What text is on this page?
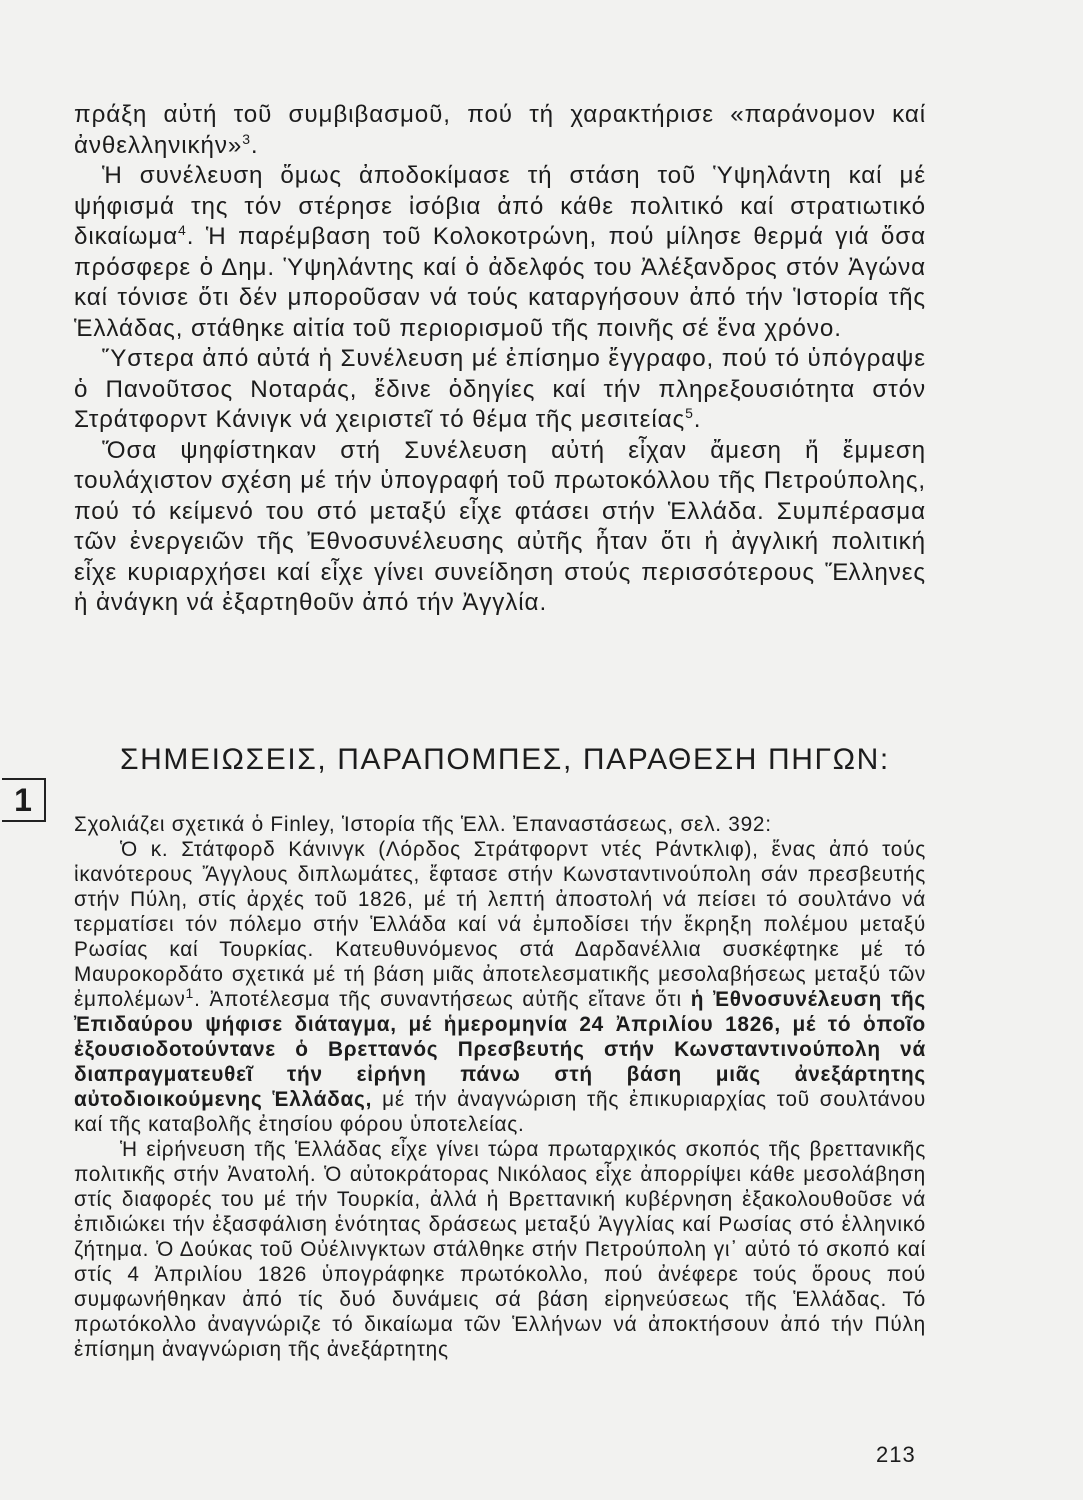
πράξη αὐτή τοῦ συμβιβασμοῦ, πού τή χαρακτήρισε «παράνομον καί ἀνθελληνικήν»$^3$.

Ἡ συνέλευση ὅμως ἀποδοκίμασε τή στάση τοῦ Ὑψηλάντη καί μέ ψήφισμά της τόν στέρησε ἰσόβια ἀπό κάθε πολιτικό καί στρατιωτικό δικαίωμα$^4$. Ἡ παρέμβαση τοῦ Κολοκοτρώνη, πού μίλησε θερμά γιά ὅσα πρόσφερε ὁ Δημ. Ὑψηλάντης καί ὁ ἀδελφός του Ἀλέξανδρος στόν Ἀγώνα καί τόνισε ὅτι δέν μποροῦσαν νά τούς καταργήσουν ἀπό τήν Ἱστορία τῆς Ἑλλάδας, στάθηκε αἰτία τοῦ περιορισμοῦ τῆς ποινῆς σέ ἕνα χρόνο.

Ὕστερα ἀπό αὐτά ἡ Συνέλευση μέ ἐπίσημο ἔγγραφο, πού τό ὑπόγραψε ὁ Πανοῦτσος Νοταράς, ἔδινε ὁδηγίες καί τήν πληρεξουσιότητα στόν Στράτφορντ Κάνιγκ νά χειριστεῖ τό θέμα τῆς μεσιτείας$^5$.

Ὅσα ψηφίστηκαν στή Συνέλευση αὐτή εἶχαν ἄμεση ἤ ἔμμεση τουλάχιστον σχέση μέ τήν ὑπογραφή τοῦ πρωτοκόλλου τῆς Πετρούπολης, πού τό κείμενό του στό μεταξύ εἶχε φτάσει στήν Ἑλλάδα. Συμπέρασμα τῶν ἐνεργειῶν τῆς Ἐθνοσυνέλευσης αὐτῆς ἦταν ὅτι ἡ ἀγγλική πολιτική εἶχε κυριαρχήσει καί εἶχε γίνει συνείδηση στούς περισσότερους Ἕλληνες ἡ ἀνάγκη νά ἐξαρτηθοῦν ἀπό τήν Ἀγγλία.

ΣΗΜΕΙΩΣΕΙΣ, ΠΑΡΑΠΟΜΠΕΣ, ΠΑΡΑΘΕΣΗ ΠΗΓΩΝ:
1

Σχολιάζει σχετικά ὁ Finley, Ἱστορία τῆς Ἑλλ. Ἐπαναστάσεως, σελ. 392:

Ὁ κ. Στάτφορδ Κάνινγκ (Λόρδος Στράτφορντ ντές Ράντκλιφ), ἕνας ἀπό τούς ἱκανότερους Ἄγγλους διπλωμάτες, ἔφτασε στήν Κωνσταντινούπολη σάν πρεσβευτής στήν Πύλη, στίς ἀρχές τοῦ 1826, μέ τή λεπτή ἀποστολή νά πείσει τό σουλτάνο νά τερματίσει τόν πόλεμο στήν Ἑλλάδα καί νά ἐμποδίσει τήν ἔκρηξη πολέμου μεταξύ Ρωσίας καί Τουρκίας. Κατευθυνόμενος στά Δαρδανέλλια συσκέφτηκε μέ τό Μαυροκορδάτο σχετικά μέ τή βάση μιᾶς ἀποτελεσματικῆς μεσολαβήσεως μεταξύ τῶν ἐμπολέμων$^1$. Ἀποτέλεσμα τῆς συναντήσεως αὐτῆς εἴτανε ὅτι ἡ Ἐθνοσυνέλευση τῆς Ἐπιδαύρου ψήφισε διάταγμα, μέ ἡμερομηνία 24 Ἀπριλίου 1826, μέ τό ὁποῖο ἐξουσιοδοτούντανε ὁ Βρεττανός Πρεσβευτής στήν Κωνσταντινούπολη νά διαπραγματευθεῖ τήν εἰρήνη πάνω στή βάση μιᾶς ἀνεξάρτητης αὐτοδιοικούμενης Ἑλλάδας, μέ τήν ἀναγνώριση τῆς ἐπικυριαρχίας τοῦ σουλτάνου καί τῆς καταβολῆς ἐτησίου φόρου ὑποτελείας.

Ἡ εἰρήνευση τῆς Ἑλλάδας εἶχε γίνει τώρα πρωταρχικός σκοπός τῆς βρεττανικῆς πολιτικῆς στήν Ἀνατολή. Ὁ αὐτοκράτορας Νικόλαος εἶχε ἀπορρίψει κάθε μεσολάβηση στίς διαφορές του μέ τήν Τουρκία, ἀλλά ἡ Βρεττανική κυβέρνηση ἐξακολουθοῦσε νά ἐπιδιώκει τήν ἐξασφάλιση ἑνότητας δράσεως μεταξύ Ἀγγλίας καί Ρωσίας στό ἑλληνικό ζήτημα. Ὁ Δούκας τοῦ Οὐέλινγκτων στάλθηκε στήν Πετρούπολη γι᾿ αὐτό τό σκοπό καί στίς 4 Ἀπριλίου 1826 ὑπογράφηκε πρωτόκολλο, πού ἀνέφερε τούς ὅρους πού συμφωνήθηκαν ἀπό τίς δυό δυνάμεις σά βάση εἰρηνεύσεως τῆς Ἑλλάδας. Τό πρωτόκολλο ἀναγνώριζε τό δικαίωμα τῶν Ἑλλήνων νά ἀποκτήσουν ἀπό τήν Πύλη ἐπίσημη ἀναγνώριση τῆς ἀνεξάρτητης

213
